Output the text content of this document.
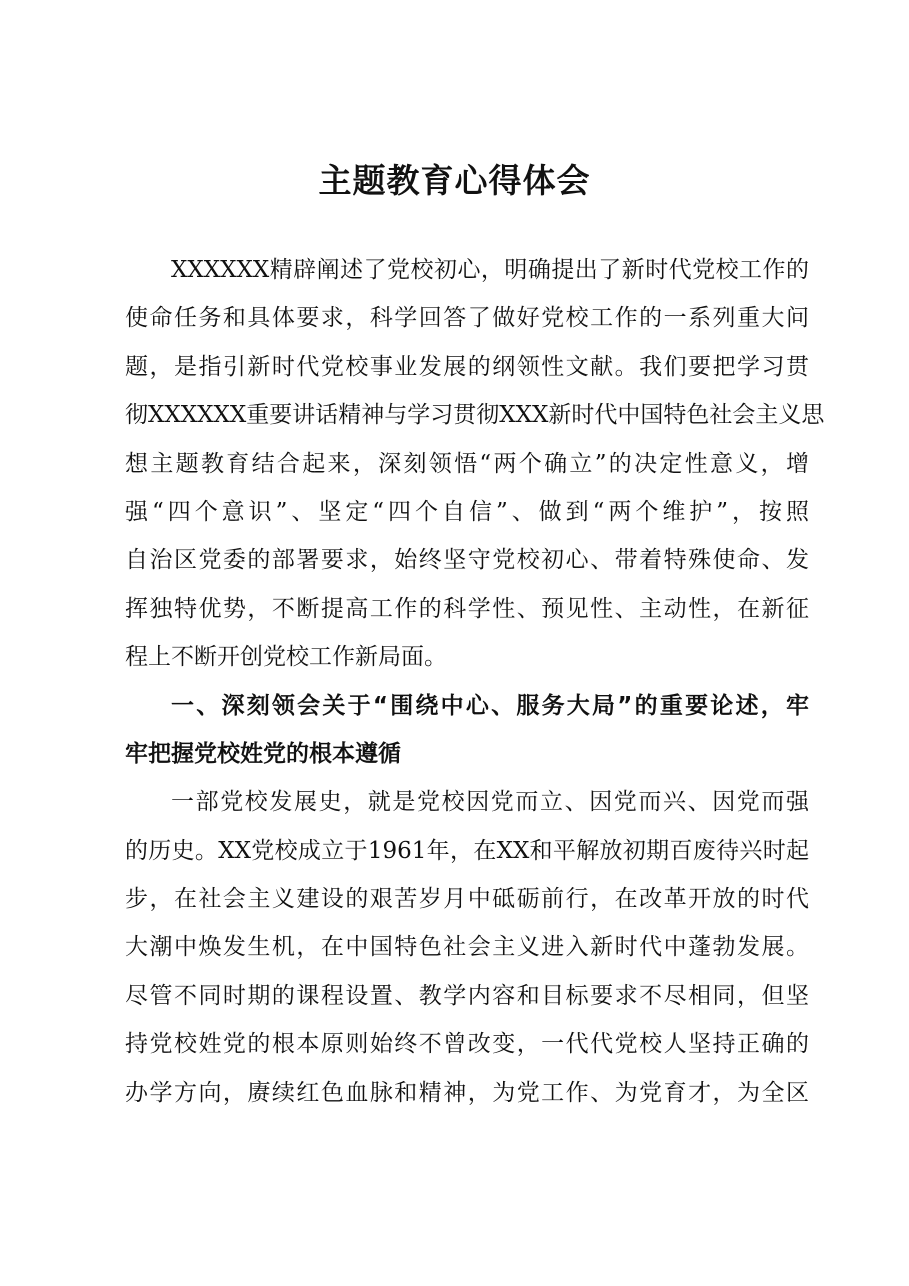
主题教育心得体会
XXXXXX精辟阐述了党校初心，明确提出了新时代党校工作的
使命任务和具体要求，科学回答了做好党校工作的一系列重大问
题，是指引新时代党校事业发展的纲领性文献。我们要把学习贯
彻XXXXXX重要讲话精神与学习贯彻XXX新时代中国特色社会主义思
想主题教育结合起来，深刻领悟“两个确立”的决定性意义，增
强“四个意识”、坚定“四个自信”、做到“两个维护”，按照
自治区党委的部署要求，始终坚守党校初心、带着特殊使命、发
挥独特优势，不断提高工作的科学性、预见性、主动性，在新征
程上不断开创党校工作新局面。
一、深刻领会关于“围绕中心、服务大局”的重要论述，牢
牢把握党校姓党的根本遵循
一部党校发展史，就是党校因党而立、因党而兴、因党而强
的历史。XX党校成立于1961年，在XX和平解放初期百废待兴时起
步，在社会主义建设的艰苦岁月中砥砺前行，在改革开放的时代
大潮中焕发生机，在中国特色社会主义进入新时代中蓬勃发展。
尽管不同时期的课程设置、教学内容和目标要求不尽相同，但坚
持党校姓党的根本原则始终不曾改变，一代代党校人坚持正确的
办学方向，赓续红色血脉和精神，为党工作、为党育才，为全区
